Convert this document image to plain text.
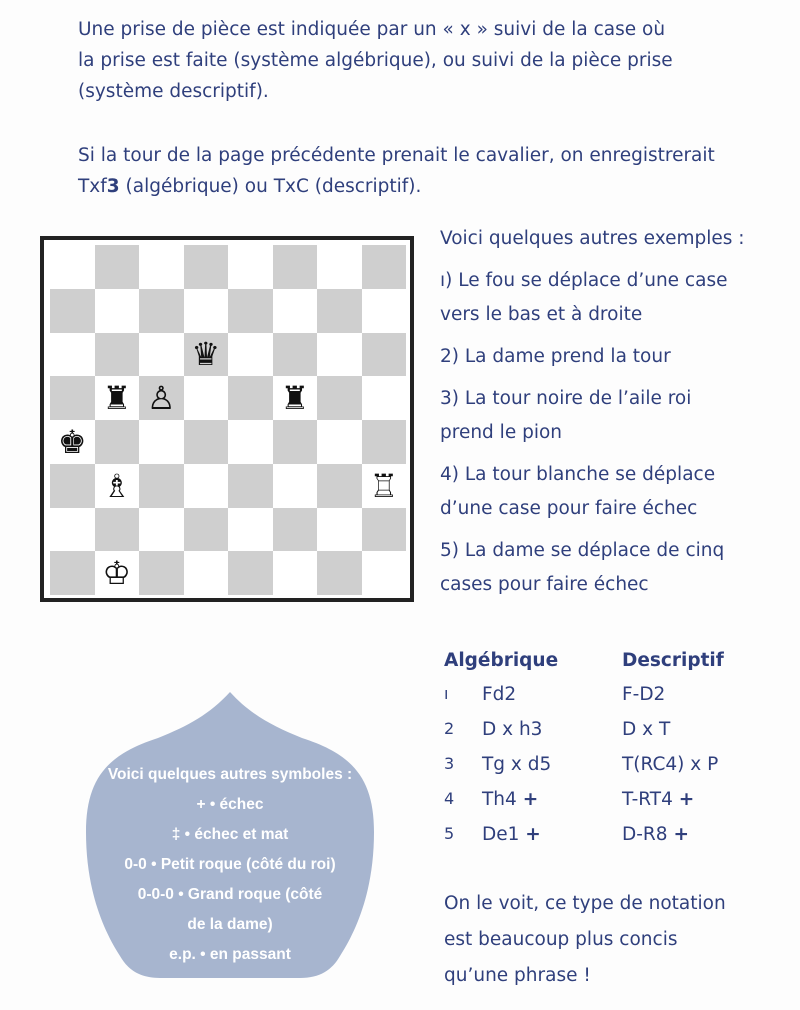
Une prise de pièce est indiquée par un « x » suivi de la case où
la prise est faite (système algébrique), ou suivi de la pièce prise
(système descriptif).
Si la tour de la page précédente prenait le cavalier, on enregistrerait
Txf3 (algébrique) ou TxC (descriptif).
♛
♜ ♙	♜
♚
♗	♖
♔
Voici quelques autres exemples :
ı) Le fou se déplace d’une case
vers le bas et à droite
2) La dame prend la tour
3) La tour noire de l’aile roi
prend le pion
4) La tour blanche se déplace
d’une case pour faire échec
5) La dame se déplace de cinq
cases pour faire échec
Algébrique	Descriptif
ı	Fd2	F-D2
2	D x h3	D x T
3	Tg x d5	T(RC4) x P
4	Th4 +	T-RT4 +
5	De1 +	D-R8 +
On le voit, ce type de notation
est beaucoup plus concis
qu’une phrase !
Voici quelques autres symboles :
+ • échec
‡ • échec et mat
0-0 • Petit roque (côté du roi)
0-0-0 • Grand roque (côté
de la dame)
e.p. • en passant
